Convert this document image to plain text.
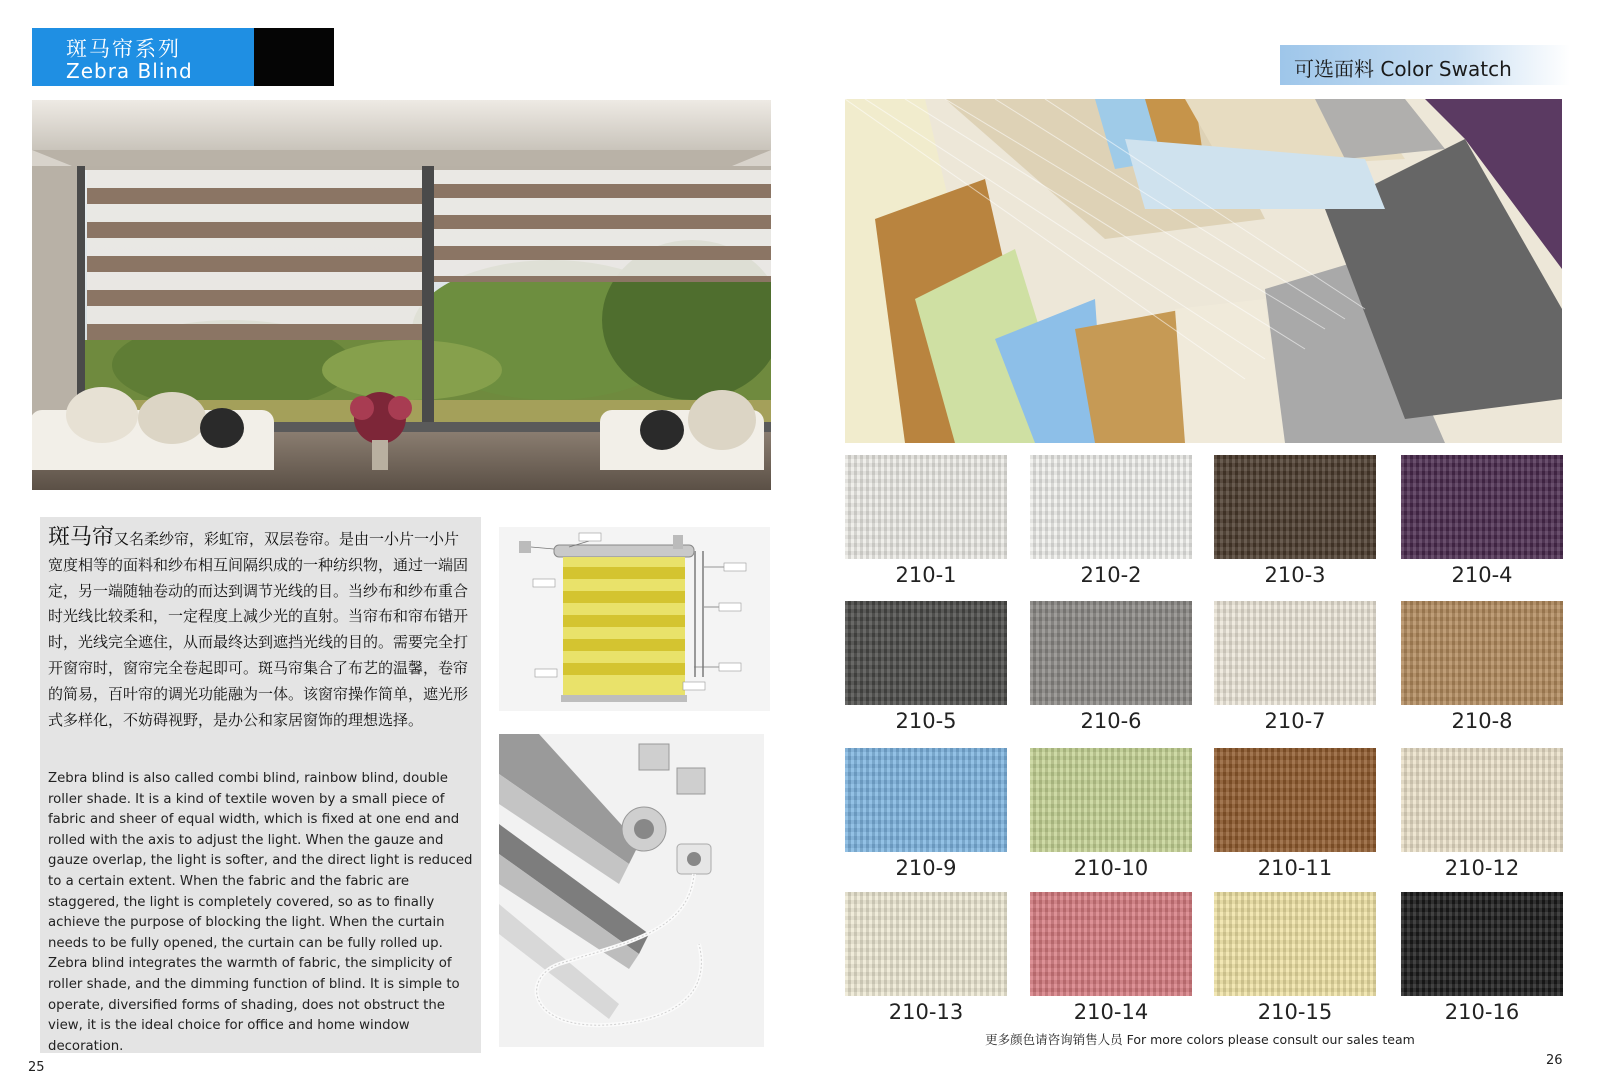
斑马帘系列
Zebra Blind	可选面料 Color Swatch
斑马帘又名柔纱帘，彩虹帘，双层卷帘。是由一小片一小片宽度相等的面料和纱布相互间隔织成的一种纺织物，通过一端固定，另一端随轴卷动的而达到调节光线的目。当纱布和纱布重合时光线比较柔和，一定程度上减少光的直射。当帘布和帘布错开时，光线完全遮住，从而最终达到遮挡光线的目的。需要完全打开窗帘时，窗帘完全卷起即可。斑马帘集合了布艺的温馨，卷帘的简易，百叶帘的调光功能融为一体。该窗帘操作简单，遮光形式多样化，不妨碍视野，是办公和家居窗饰的理想选择。
Zebra blind is also called combi blind, rainbow blind, double roller shade. It is a kind of textile woven by a small piece of fabric and sheer of equal width, which is fixed at one end and rolled with the axis to adjust the light. When the gauze and gauze overlap, the light is softer, and the direct light is reduced to a certain extent. When the fabric and the fabric are staggered, the light is completely covered, so as to finally achieve the purpose of blocking the light. When the curtain needs to be fully opened, the curtain can be fully rolled up. Zebra blind integrates the warmth of fabric, the simplicity of roller shade, and the dimming function of blind. It is simple to operate, diversified forms of shading, does not obstruct the view, it is the ideal choice for office and home window decoration.
210-1	210-2	210-3	210-4
210-5	210-6	210-7	210-8
210-9	210-10	210-11	210-12
210-13	210-14	210-15	210-16
更多颜色请咨询销售人员 For more colors please consult our sales team
25	26
